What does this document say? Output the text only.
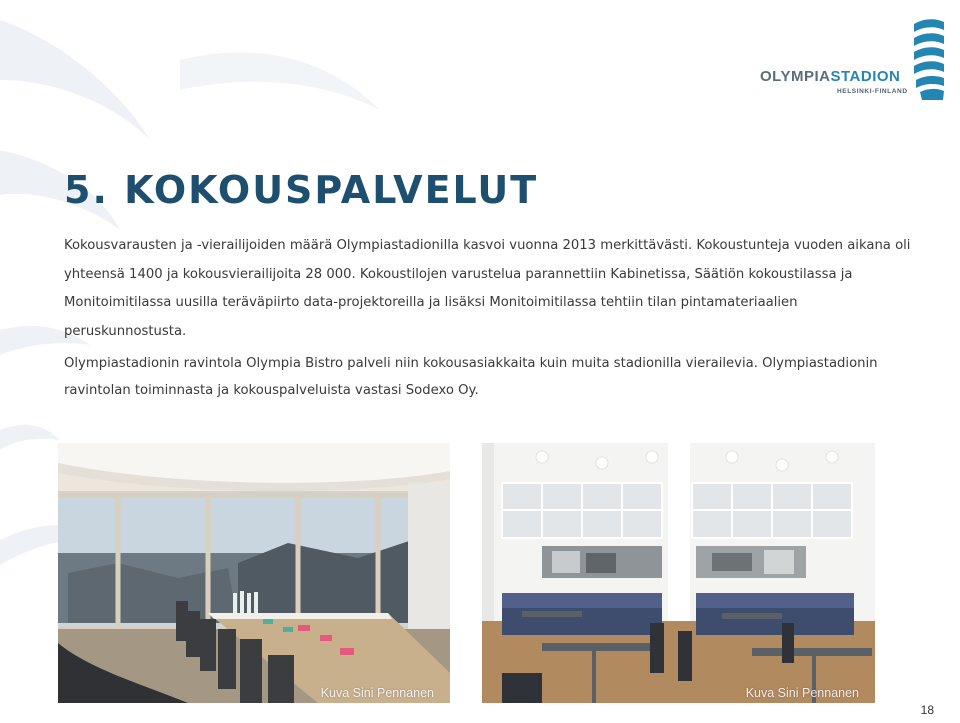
OLYMPIASTADION
HELSINKI-FINLAND
5. KOKOUSPALVELUT

Kokousvarausten ja -vierailijoiden määrä Olympiastadionilla kasvoi vuonna 2013 merkittävästi. Kokoustunteja vuoden aikana oli yhteensä 1400 ja kokousvierailijoita 28 000. Kokoustilojen varustelua parannettiin Kabinetissa, Säätiön kokoustilassa ja Monitoimitilassa uusilla teräväpiirto data-projektoreilla ja lisäksi Monitoimitilassa tehtiin tilan pintamateriaalien peruskunnostusta.

Olympiastadionin ravintola Olympia Bistro palveli niin kokousasiakkaita kuin muita stadionilla vierailevia. Olympiastadionin ravintolan toiminnasta ja kokouspalveluista vastasi Sodexo Oy.

Kuva Sini Pennanen	Kuva Sini Pennanen
18
